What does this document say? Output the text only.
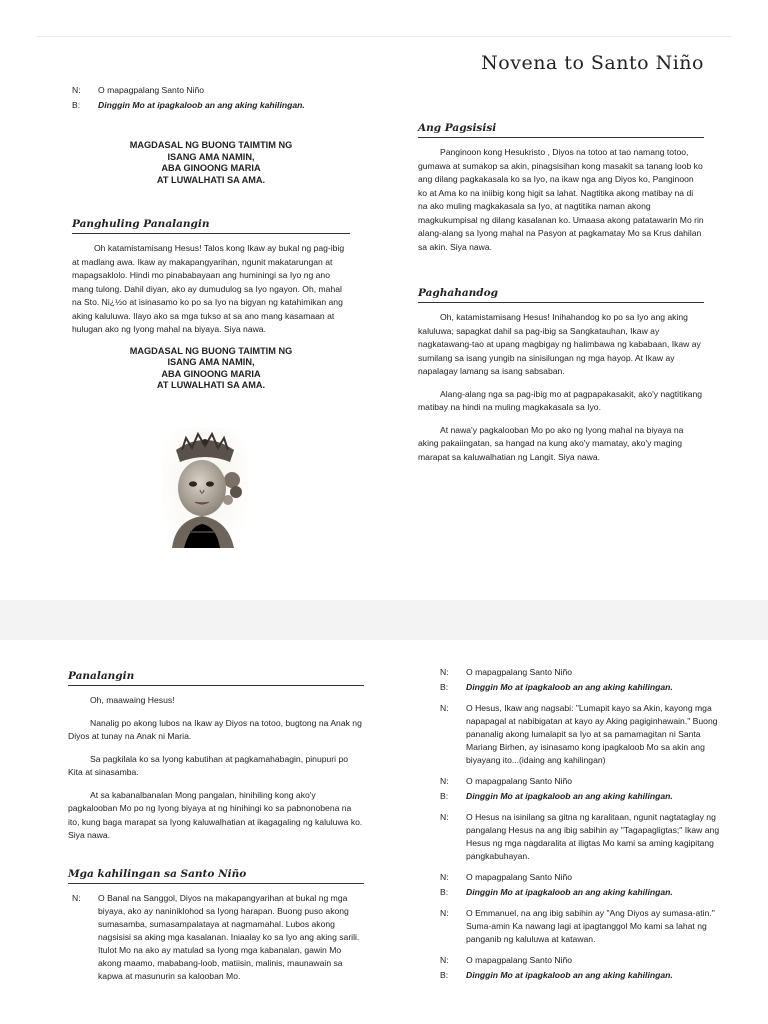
N:	O mapagpalang Santo Niño
B:	Dinggin Mo at ipagkaloob an ang aking kahilingan.
MAGDASAL NG BUONG TAIMTIM NG
ISANG AMA NAMIN,
ABA GINOONG MARIA
AT LUWALHATI SA AMA.
Panghuling Panalangin

Oh katamistamisang Hesus! Talos kong Ikaw ay bukal ng pag-ibig at madlang awa. Ikaw ay makapangyarihan, ngunit makatarungan at mapagsaklolo. Hindi mo pinababayaan ang huminingi sa Iyo ng ano mang tulong. Dahil diyan, ako ay dumudulog sa Iyo ngayon. Oh, mahal na Sto. Ni¿½o at isinasamo ko po sa Iyo na bigyan ng katahimikan ang aking kaluluwa. Ilayo ako sa mga tukso at sa ano mang kasamaan at hulugan ako ng Iyong mahal na biyaya. Siya nawa.

MAGDASAL NG BUONG TAIMTIM NG
ISANG AMA NAMIN,
ABA GINOONG MARIA
AT LUWALHATI SA AMA.
Novena to Santo Niño
Ang Pagsisisi

Panginoon kong Hesukristo , Diyos na totoo at tao namang totoo, gumawa at sumakop sa akin, pinagsisihan kong masakit sa tanang loob ko ang dilang pagkakasala ko sa Iyo, na ikaw nga ang Diyos ko, Panginoon ko at Ama ko na iniibig kong higit sa lahat. Nagtitika akong matibay na di na ako muling magkakasala sa Iyo, at nagtitika naman akong magkukumpisal ng dilang kasalanan ko. Umaasa akong patatawarin Mo rin alang-alang sa Iyong mahal na Pasyon at pagkamatay Mo sa Krus dahilan sa akin. Siya nawa.

Paghahandog

Oh, katamistamisang Hesus! Inihahandog ko po sa Iyo ang aking kaluluwa; sapagkat dahil sa pag-ibig sa Sangkatauhan, Ikaw ay nagkatawang-tao at upang magbigay ng halimbawa ng kababaan, Ikaw ay sumilang sa isang yungib na sinisilungan ng mga hayop. At Ikaw ay napalagay lamang sa isang sabsaban.

Alang-alang nga sa pag-ibig mo at pagpapakasakit, ako'y nagtitikang matibay na hindi na muling magkakasala sa Iyo.

At nawa'y pagkalooban Mo po ako ng Iyong mahal na biyaya na aking pakaiingatan, sa hangad na kung ako'y mamatay, ako'y maging marapat sa kaluwalhatian ng Langit. Siya nawa.

Panalangin

Oh, maawaing Hesus!

Nanalig po akong lubos na Ikaw ay Diyos na totoo, bugtong na Anak ng Diyos at tunay na Anak ni Maria.

Sa pagkilala ko sa Iyong kabutihan at pagkamahabagin, pinupuri po Kita at sinasamba.

At sa kabanalbanalan Mong pangalan, hinihiling kong ako'y pagkalooban Mo po ng Iyong biyaya at ng hinihingi ko sa pabnonobena na ito, kung baga marapat sa Iyong kaluwalhatian at ikagagaling ng kaluluwa ko. Siya nawa.

Mga kahilingan sa Santo Niño
N:	O Banal na Sanggol, Diyos na makapangyarihan at bukal ng mga biyaya, ako ay naniniklohod sa Iyong harapan. Buong puso akong sumasamba, sumasampalataya at nagmamahal. Lubos akong nagsisisi sa aking mga kasalanan. Iniaalay ko sa Iyo ang aking sarili. Itulot Mo na ako ay matulad sa Iyong mga kabanalan, gawin Mo akong maamo, mababang-loob, matiisin, malinis, maunawain sa kapwa at masunurin sa kalooban Mo.
N:	O mapagpalang Santo Niño
B:	Dinggin Mo at ipagkaloob an ang aking kahilingan.
N:	O Hesus, Ikaw ang nagsabi: "Lumapit kayo sa Akin, kayong mga napapagal at nabibigatan at kayo ay Aking pagiginhawain." Buong pananalig akong lumalapit sa Iyo at sa pamamagitan ni Santa Mariang Birhen, ay isinasamo kong ipagkaloob Mo sa akin ang biyayang ito...(idaing ang kahilingan)
N:	O mapagpalang Santo Niño
B:	Dinggin Mo at ipagkaloob an ang aking kahilingan.
N:	O Hesus na isinilang sa gitna ng karalitaan, ngunit nagtataglay ng pangalang Hesus na ang ibig sabihin ay "Tagapagligtas;" Ikaw ang Hesus ng mga nagdaralita at iligtas Mo kami sa aming kagipitang pangkabuhayan.
N:	O mapagpalang Santo Niño
B:	Dinggin Mo at ipagkaloob an ang aking kahilingan.
N:	O Emmanuel, na ang ibig sabihin ay "Ang Diyos ay sumasa-atin." Suma-amin Ka nawang lagi at ipagtanggol Mo kami sa lahat ng panganib ng kaluluwa at katawan.
N:	O mapagpalang Santo Niño
B:	Dinggin Mo at ipagkaloob an ang aking kahilingan.
